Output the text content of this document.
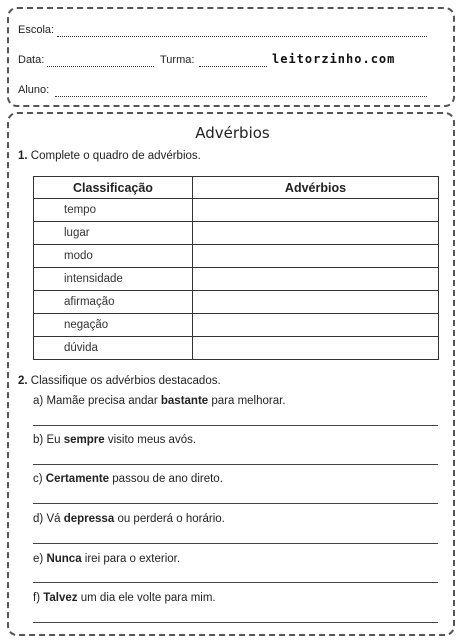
Escola:
Data:	Turma:	leitorzinho.com
Aluno:
Advérbios
1. Complete o quadro de advérbios.
Classificação	Advérbios
tempo	
lugar	
modo	
intensidade	
afirmação	
negação	
dúvida	
2. Classifique os advérbios destacados.
a) Mamãe precisa andar bastante para melhorar.
b) Eu sempre visito meus avós.
c) Certamente passou de ano direto.
d) Vá depressa ou perderá o horário.
e) Nunca irei para o exterior.
f) Talvez um dia ele volte para mim.
